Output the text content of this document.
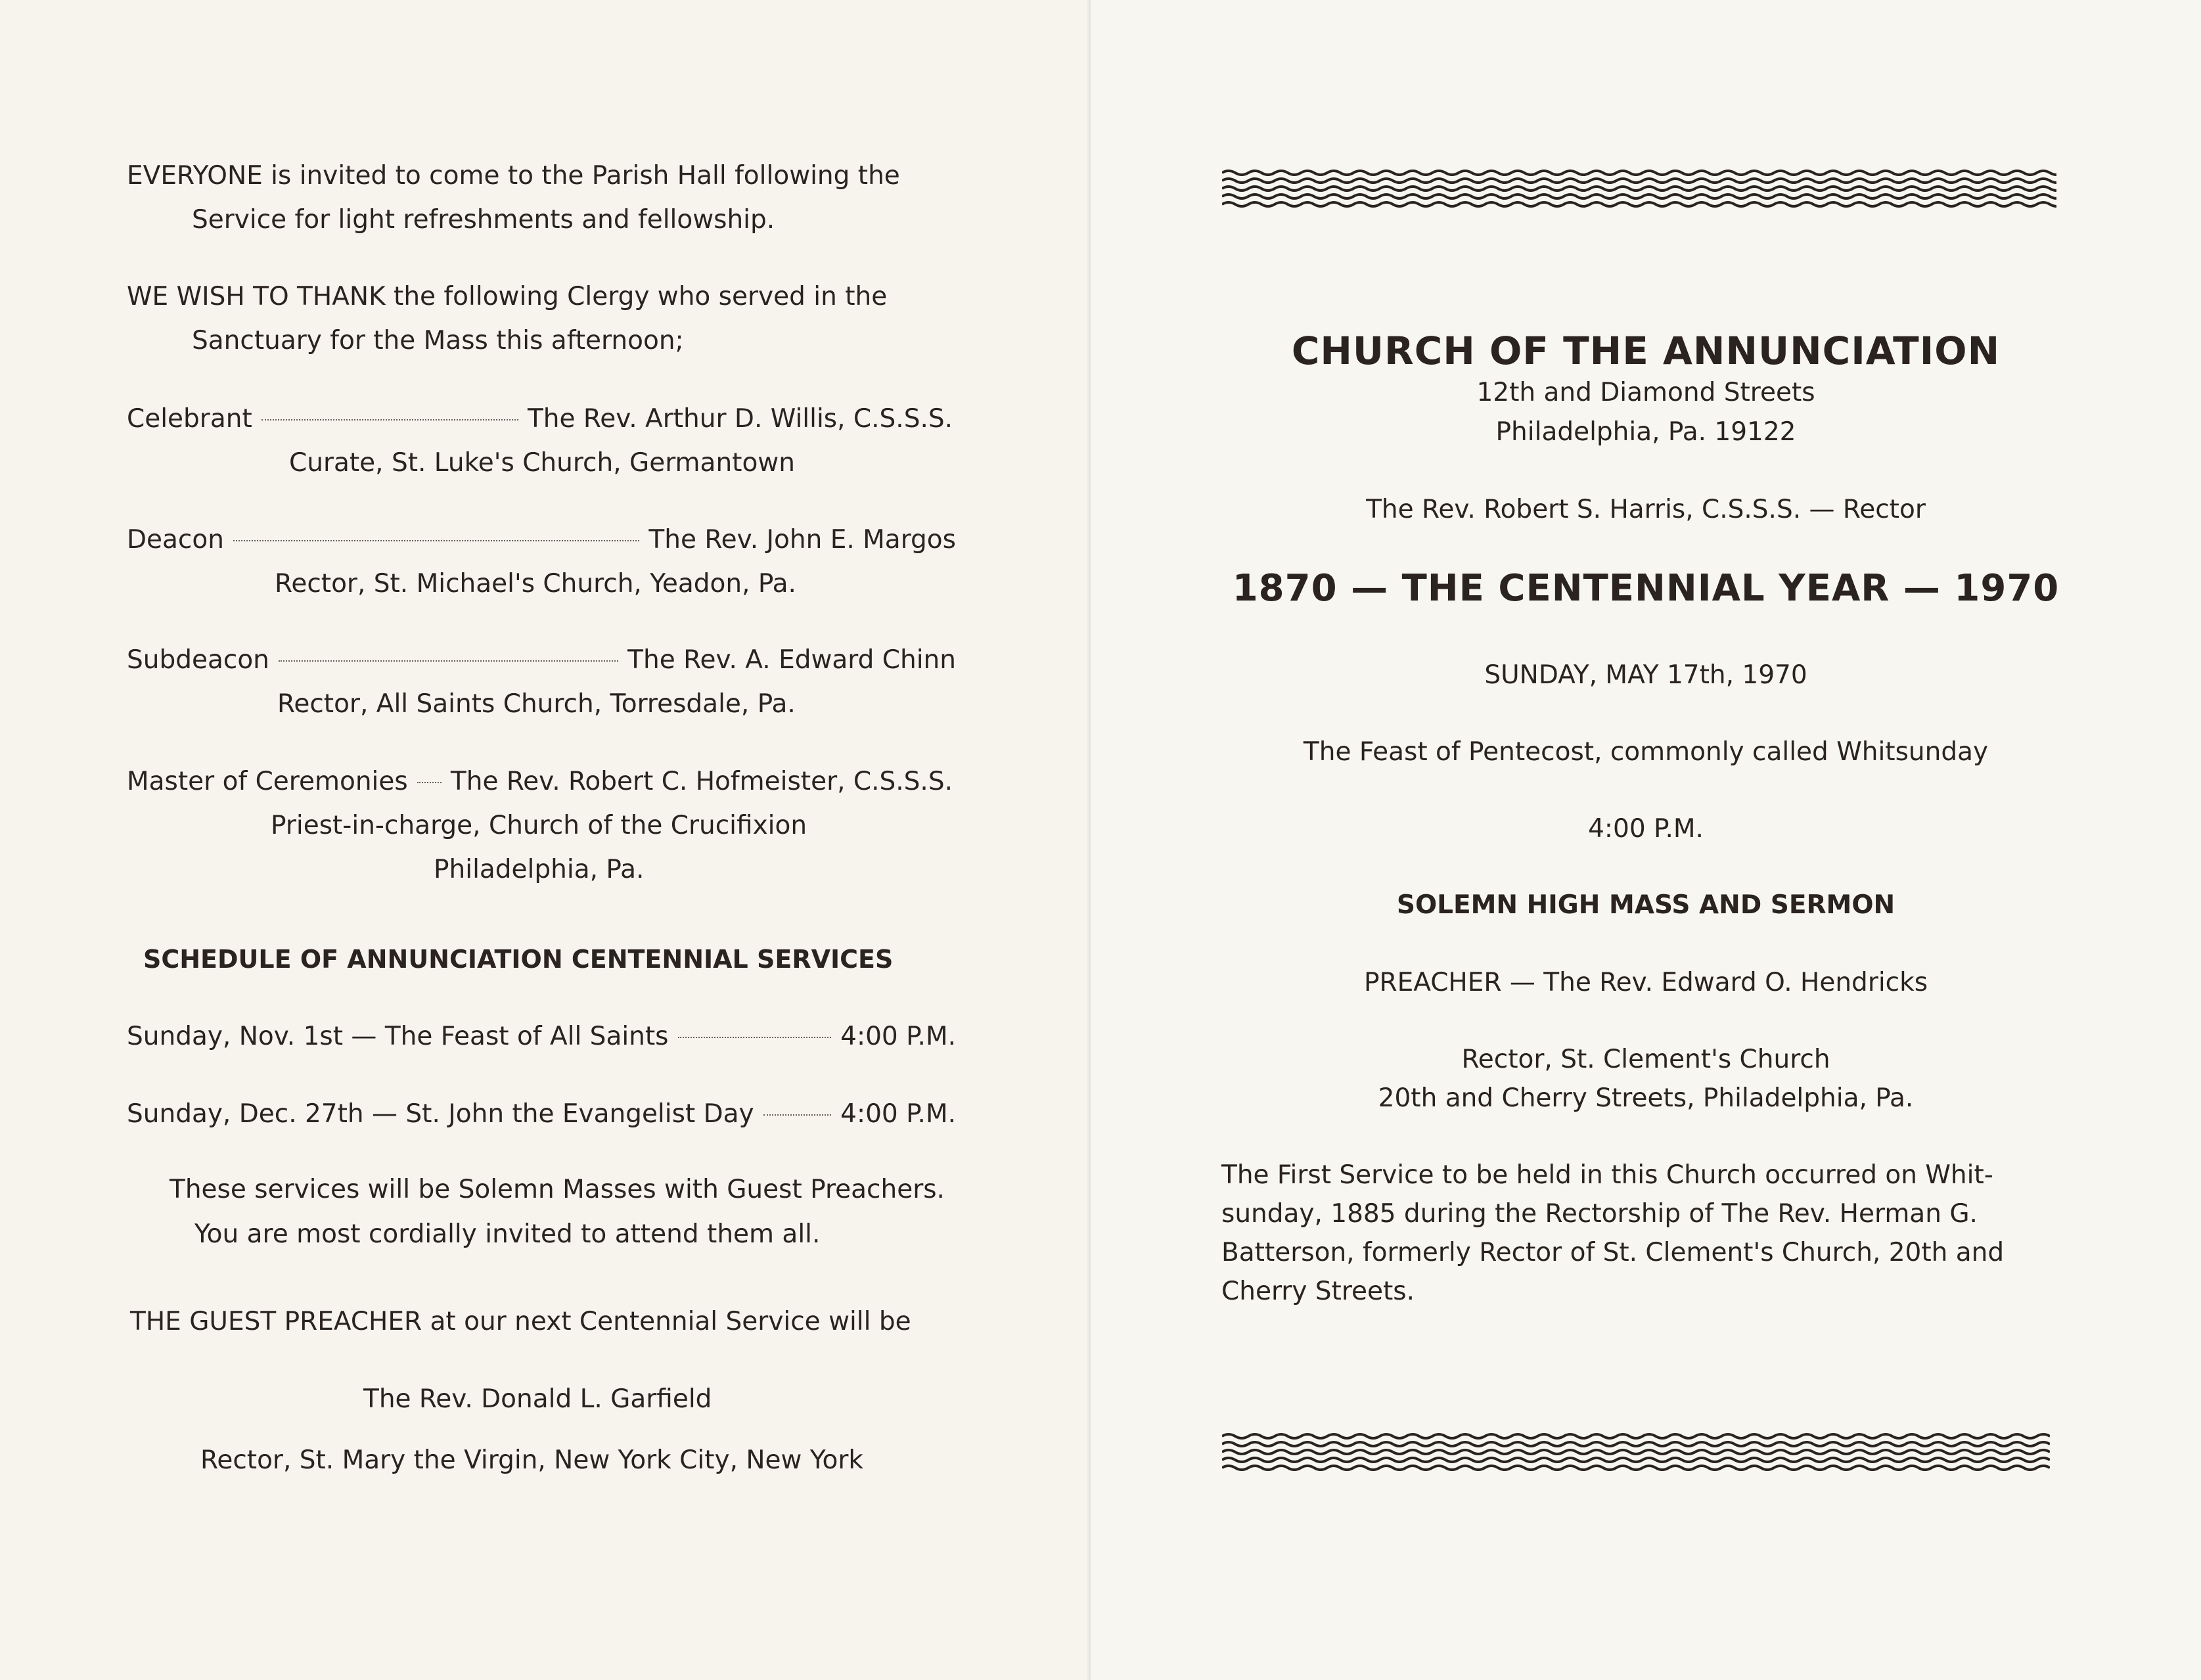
EVERYONE is invited to come to the Parish Hall following the
Service for light refreshments and fellowship.
WE WISH TO THANK the following Clergy who served in the
Sanctuary for the Mass this afternoon;
Celebrant	The Rev. Arthur D. Willis, C.S.S.S.
Curate, St. Luke's Church, Germantown
Deacon	The Rev. John E. Margos
Rector, St. Michael's Church, Yeadon, Pa.
Subdeacon	The Rev. A. Edward Chinn
Rector, All Saints Church, Torresdale, Pa.
Master of Ceremonies The Rev. Robert C. Hofmeister, C.S.S.S.
Priest-in-charge, Church of the Crucifixion
Philadelphia, Pa.
SCHEDULE OF ANNUNCIATION CENTENNIAL SERVICES
Sunday, Nov. 1st — The Feast of All Saints	4:00 P.M.
Sunday, Dec. 27th — St. John the Evangelist Day	4:00 P.M.
These services will be Solemn Masses with Guest Preachers.
You are most cordially invited to attend them all.
THE GUEST PREACHER at our next Centennial Service will be
The Rev. Donald L. Garfield
Rector, St. Mary the Virgin, New York City, New York
CHURCH OF THE ANNUNCIATION
12th and Diamond Streets
Philadelphia, Pa. 19122
The Rev. Robert S. Harris, C.S.S.S. — Rector
1870 — THE CENTENNIAL YEAR — 1970
SUNDAY, MAY 17th, 1970
The Feast of Pentecost, commonly called Whitsunday
4:00 P.M.
SOLEMN HIGH MASS AND SERMON
PREACHER — The Rev. Edward O. Hendricks
Rector, St. Clement's Church
20th and Cherry Streets, Philadelphia, Pa.
The First Service to be held in this Church occurred on Whit-
sunday, 1885 during the Rectorship of The Rev. Herman G.
Batterson, formerly Rector of St. Clement's Church, 20th and
Cherry Streets.
